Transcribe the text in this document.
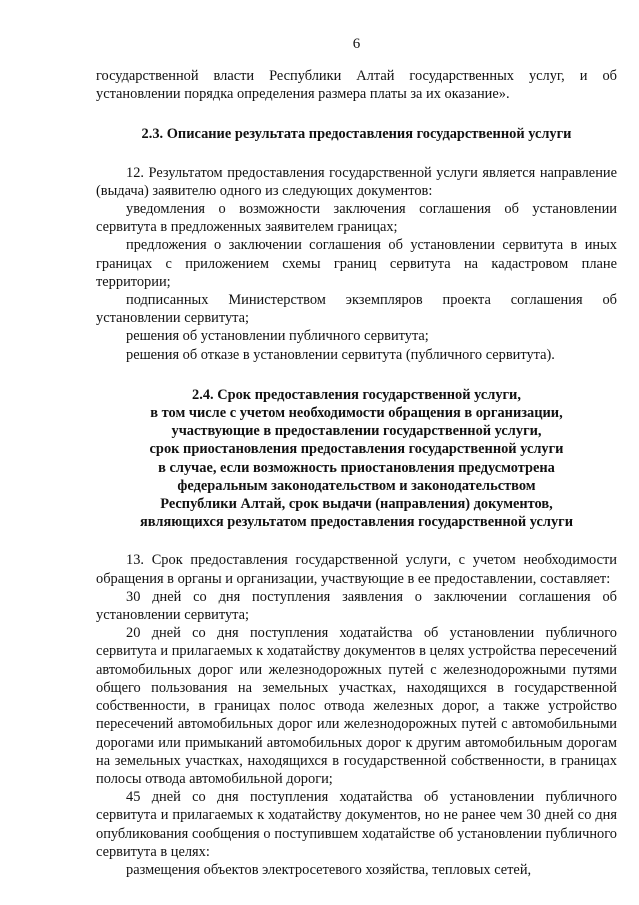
6

государственной власти Республики Алтай государственных услуг, и об установлении порядка определения размера платы за их оказание».

2.3. Описание результата предоставления государственной услуги

12. Результатом предоставления государственной услуги является направление (выдача) заявителю одного из следующих документов:

уведомления о возможности заключения соглашения об установлении сервитута в предложенных заявителем границах;

предложения о заключении соглашения об установлении сервитута в иных границах с приложением схемы границ сервитута на кадастровом плане территории;

подписанных Министерством экземпляров проекта соглашения об установлении сервитута;

решения об установлении публичного сервитута;

решения об отказе в установлении сервитута (публичного сервитута).

2.4. Срок предоставления государственной услуги,
в том числе с учетом необходимости обращения в организации,
участвующие в предоставлении государственной услуги,
срок приостановления предоставления государственной услуги
в случае, если возможность приостановления предусмотрена
федеральным законодательством и законодательством
Республики Алтай, срок выдачи (направления) документов,
являющихся результатом предоставления государственной услуги

13. Срок предоставления государственной услуги, с учетом необходимости обращения в органы и организации, участвующие в ее предоставлении, составляет:

30 дней со дня поступления заявления о заключении соглашения об установлении сервитута;

20 дней со дня поступления ходатайства об установлении публичного сервитута и прилагаемых к ходатайству документов в целях устройства пересечений автомобильных дорог или железнодорожных путей с железнодорожными путями общего пользования на земельных участках, находящихся в государственной собственности, в границах полос отвода железных дорог, а также устройство пересечений автомобильных дорог или железнодорожных путей с автомобильными дорогами или примыканий автомобильных дорог к другим автомобильным дорогам на земельных участках, находящихся в государственной собственности, в границах полосы отвода автомобильной дороги;

45 дней со дня поступления ходатайства об установлении публичного сервитута и прилагаемых к ходатайству документов, но не ранее чем 30 дней со дня опубликования сообщения о поступившем ходатайстве об установлении публичного сервитута в целях:

размещения объектов электросетевого хозяйства, тепловых сетей,
